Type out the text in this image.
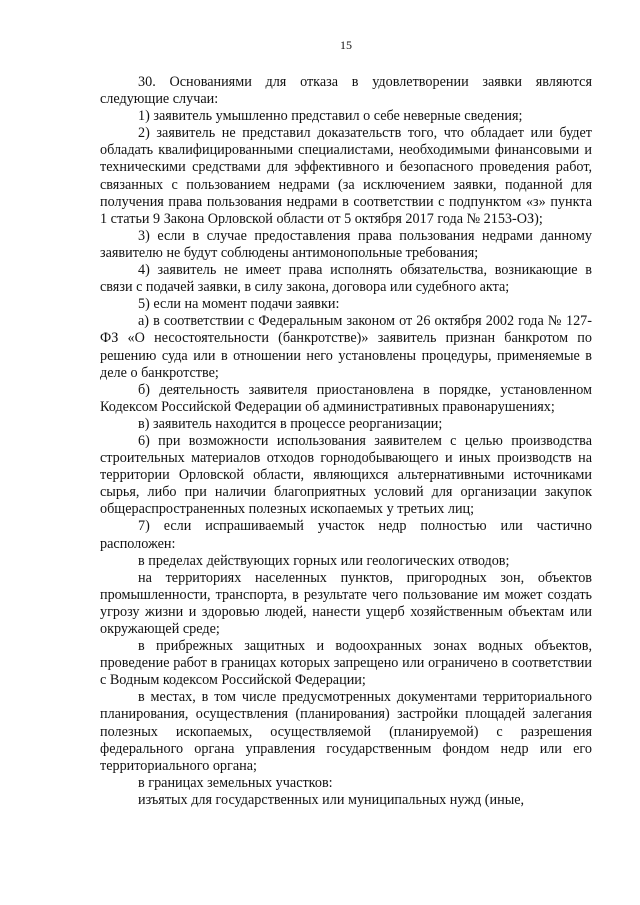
15

30. Основаниями для отказа в удовлетворении заявки являются следующие случаи:

1) заявитель умышленно представил о себе неверные сведения;

2) заявитель не представил доказательств того, что обладает или будет обладать квалифицированными специалистами, необходимыми финансовыми и техническими средствами для эффективного и безопасного проведения работ, связанных с пользованием недрами (за исключением заявки, поданной для получения права пользования недрами в соответствии с подпунктом «з» пункта 1 статьи 9 Закона Орловской области от 5 октября 2017 года № 2153-ОЗ);

3) если в случае предоставления права пользования недрами данному заявителю не будут соблюдены антимонопольные требования;

4) заявитель не имеет права исполнять обязательства, возникающие в связи с подачей заявки, в силу закона, договора или судебного акта;

5) если на момент подачи заявки:

а) в соответствии с Федеральным законом от 26 октября 2002 года № 127-ФЗ «О несостоятельности (банкротстве)» заявитель признан банкротом по решению суда или в отношении него установлены процедуры, применяемые в деле о банкротстве;

б) деятельность заявителя приостановлена в порядке, установленном Кодексом Российской Федерации об административных правонарушениях;

в) заявитель находится в процессе реорганизации;

6) при возможности использования заявителем с целью производства строительных материалов отходов горнодобывающего и иных производств на территории Орловской области, являющихся альтернативными источниками сырья, либо при наличии благоприятных условий для организации закупок общераспространенных полезных ископаемых у третьих лиц;

7) если испрашиваемый участок недр полностью или частично расположен:

в пределах действующих горных или геологических отводов;

на территориях населенных пунктов, пригородных зон, объектов промышленности, транспорта, в результате чего пользование им может создать угрозу жизни и здоровью людей, нанести ущерб хозяйственным объектам или окружающей среде;

в прибрежных защитных и водоохранных зонах водных объектов, проведение работ в границах которых запрещено или ограничено в соответствии с Водным кодексом Российской Федерации;

в местах, в том числе предусмотренных документами территориального планирования, осуществления (планирования) застройки площадей залегания полезных ископаемых, осуществляемой (планируемой) с разрешения федерального органа управления государственным фондом недр или его территориального органа;

в границах земельных участков:

изъятых для государственных или муниципальных нужд (иные,
